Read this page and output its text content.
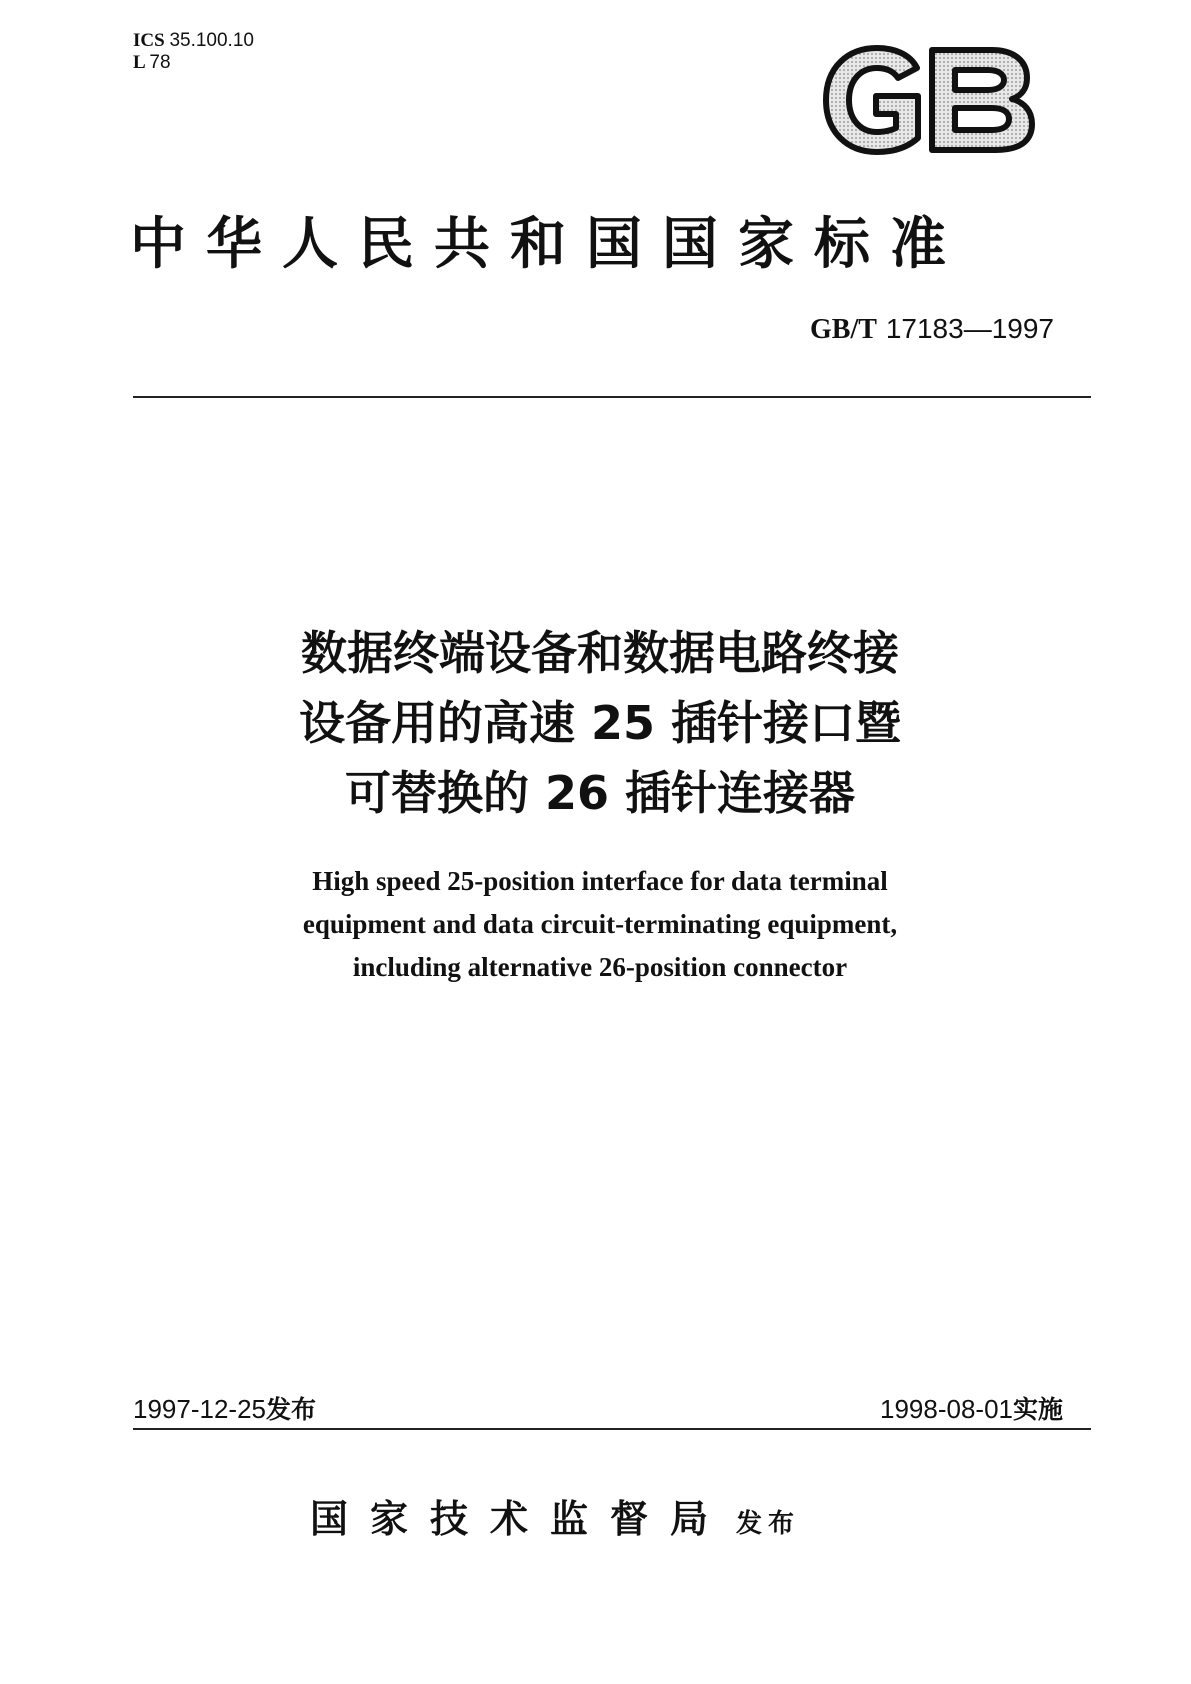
ICS 35.100.10
L 78
中华人民共和国国家标准
GB/T 17183—1997
数据终端设备和数据电路终接
设备用的高速 25 插针接口暨
可替换的 26 插针连接器
High speed 25-position interface for data terminal
equipment and data circuit-terminating equipment,
including alternative 26-position connector
1997-12-25发布	1998-08-01实施
国家技术监督局 发布
